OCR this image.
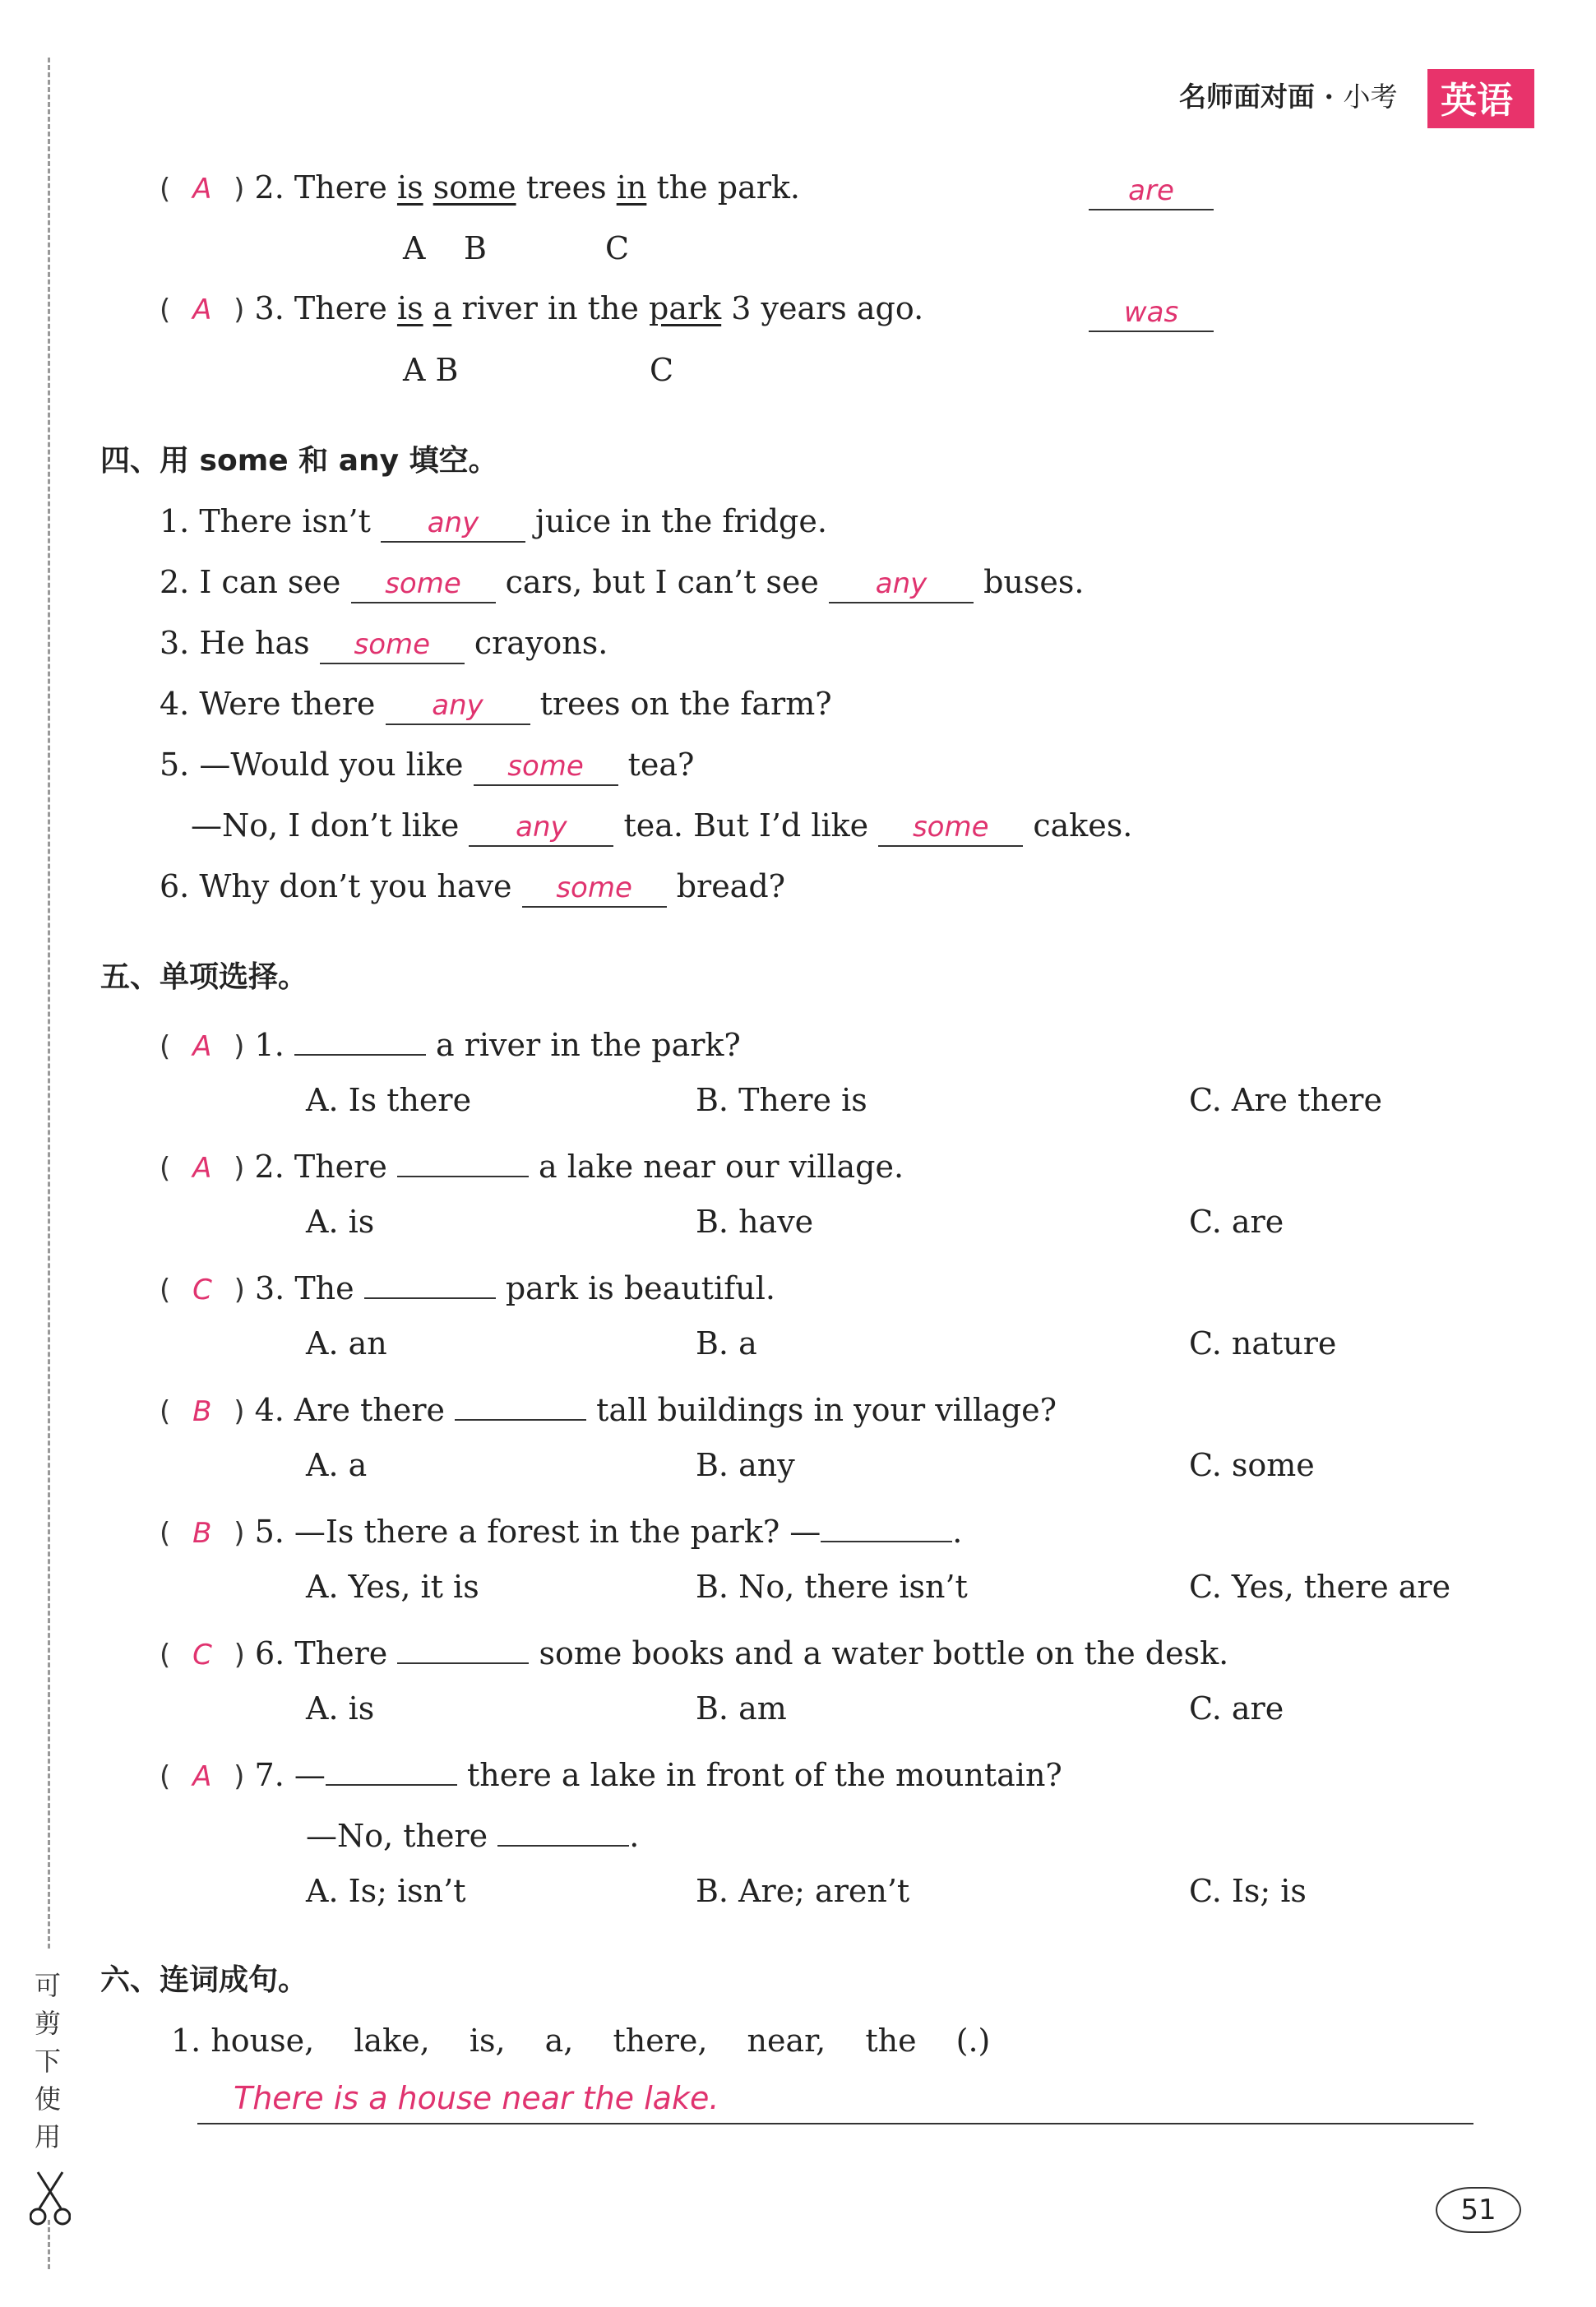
名师面对面 · 小考	英语
可
剪
下
使
用
( A ) 2. There is some trees in the park.
A B	C
are
( A ) 3. There is a river in the park 3 years ago.
A B	C
was
四、用 some 和 any 填空。
1. There isn’t any juice in the fridge.
2. I can see some cars, but I can’t see any buses.
3. He has some crayons.
4. Were there any trees on the farm?
5. —Would you like some tea?
—No, I don’t like any tea. But I’d like some cakes.
6. Why don’t you have some bread?
五、单项选择。
( A ) 1.	a river in the park?
A. Is there	B. There is	C. Are there
( A ) 2. There	a lake near our village.
A. is	B. have	C. are
( C ) 3. The	park is beautiful.
A. an	B. a	C. nature
( B ) 4. Are there	tall buildings in your village?
A. a	B. any	C. some
( B ) 5. —Is there a forest in the park? —	.
A. Yes, it is	B. No, there isn’t	C. Yes, there are
( C ) 6. There	some books and a water bottle on the desk.
A. is	B. am	C. are
( A ) 7. —	there a lake in front of the mountain?
—No, there	.
A. Is; isn’t	B. Are; aren’t	C. Is; is
六、连词成句。
1. house, lake, is, a, there, near, the (.)
There is a house near the lake.
51
